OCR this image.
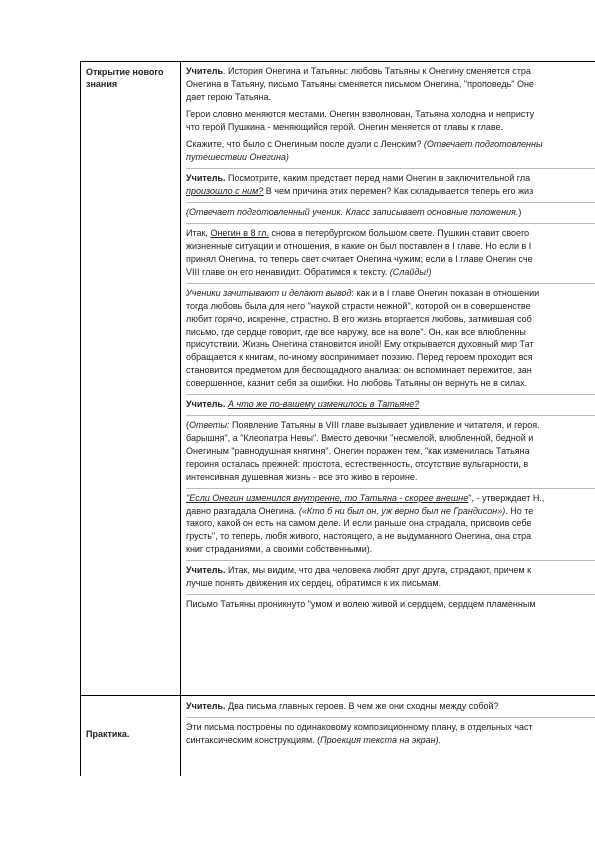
Открытие нового знания
Учитель. История Онегина и Татьяны: любовь Татьяны к Онегину сменяется стра
Онегина в Татьяну, письмо Татьяны сменяется письмом Онегина, "проповедь" Оне
дает герою Татьяна.
Герои словно меняются местами. Онегин взволнован, Татьяна холодна и непристу
что герой Пушкина - меняющийся герой. Онегин меняется от главы к главе.
Скажите, что было с Онегиным после дуэли с Ленским? (Отвечает подготовленны
путешествии Онегина)
Учитель. Посмотрите, каким предстает перед нами Онегин в заключительной гла
произошло с ним? В чем причина этих перемен? Как складывается теперь его жиз
(Отвечает подготовленный ученик. Класс записывает основные положения.)
Итак, Онегин в 8 гл. снова в петербургском большом свете. Пушкин ставит своего
жизненные ситуации и отношения, в какие он был поставлен в I главе. Но если в I
принял Онегина, то теперь свет считает Онегина чужим; если в I главе Онегин сче
VIII главе он его ненавидит. Обратимся к тексту. (Слайды!)
Ученики зачитывают и делают вывод: как и в I главе Онегин показан в отношении
тогда любовь была для него "наукой страсти нежной", которой он в совершенстве
любит горячо, искренне, страстно. В его жизнь вторгается любовь, затмившая соб
письмо, где сердце говорит, где все наружу, все на воле". Он, как все влюбленны
присутствии. Жизнь Онегина становится иной! Ему открывается духовный мир Тат
обращается к книгам, по-иному воспринимает поэзию. Перед героем проходит вся
становится предметом для беспощадного анализа: он вспоминает пережитое, зан
совершенное, казнит себя за ошибки. Но любовь Татьяны он вернуть не в силах.
Учитель. А что же по-вашему изменилось в Татьяне?
(Ответы: Появление Татьяны в VIII главе вызывает удивление и читателя, и героя.
барышня", а "Клеопатра Невы". Вместо девочки "несмелой, влюбленной, бедной и
Онегиным "равнодушная княгиня". Онегин поражен тем, "как изменилась Татьяна
героиня осталась прежней: простота, естественность, отсутствие вульгарности, в
интенсивная душевная жизнь - все это живо в героине.
"Если Онегин изменился внутренне, то Татьяна - скорее внешне", - утверждает Н.,
давно разгадала Онегина. («Кто б ни был он, уж верно был не Грандисон»). Но те
такого, какой он есть на самом деле. И если раньше она страдала, присвоив себе
грусть", то теперь, любя живого, настоящего, а не выдуманного Онегина, она стра
книг страданиями, а своими собственными).
Учитель. Итак, мы видим, что два человека любят друг друга, страдают, причем к
лучше понять движения их сердец, обратимся к их письмам.
Письмо Татьяны проникнуто "умом и волею живой и сердцем, сердцем пламенным
Практика.
Учитель. Два письма главных героев. В чем же они сходны между собой?
Эти письма построены по одинаковому композиционному плану, в отдельных част
синтаксическим конструкциям. (Проекция текста на экран).
